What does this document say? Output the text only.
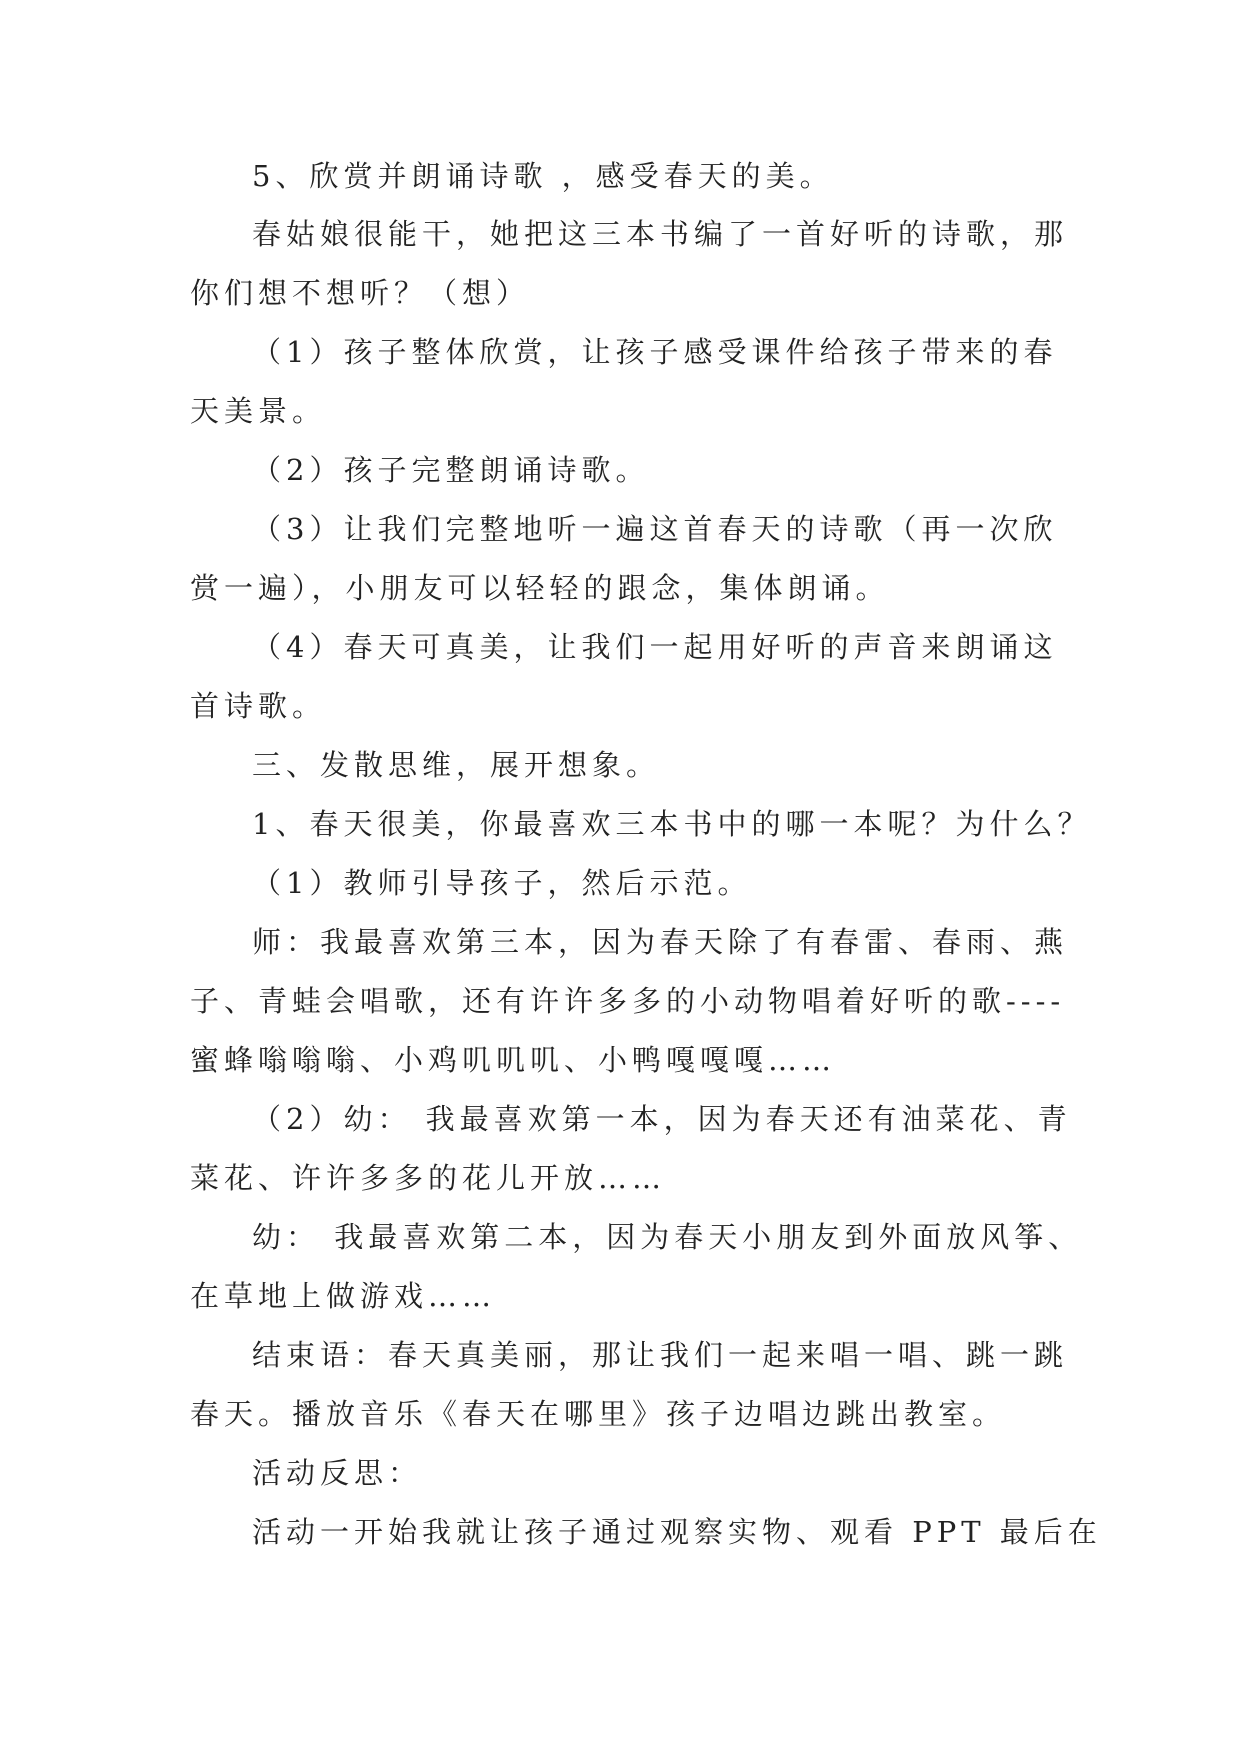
5、欣赏并朗诵诗歌 ，感受春天的美。

春姑娘很能干，她把这三本书编了一首好听的诗歌，那

你们想不想听？（想）

（1）孩子整体欣赏，让孩子感受课件给孩子带来的春

天美景。

（2）孩子完整朗诵诗歌。

（3）让我们完整地听一遍这首春天的诗歌（再一次欣

赏一遍），小朋友可以轻轻的跟念，集体朗诵。

（4）春天可真美，让我们一起用好听的声音来朗诵这

首诗歌。

三、发散思维，展开想象。

1、春天很美，你最喜欢三本书中的哪一本呢？为什么？

（1）教师引导孩子，然后示范。

师：我最喜欢第三本，因为春天除了有春雷、春雨、燕

子、青蛙会唱歌，还有许许多多的小动物唱着好听的歌----

蜜蜂嗡嗡嗡、小鸡叽叽叽、小鸭嘎嘎嘎……

（2）幼： 我最喜欢第一本，因为春天还有油菜花、青

菜花、许许多多的花儿开放……

幼： 我最喜欢第二本，因为春天小朋友到外面放风筝、

在草地上做游戏……

结束语：春天真美丽，那让我们一起来唱一唱、跳一跳

春天。播放音乐《春天在哪里》孩子边唱边跳出教室。

活动反思：

活动一开始我就让孩子通过观察实物、观看 PPT 最后在
